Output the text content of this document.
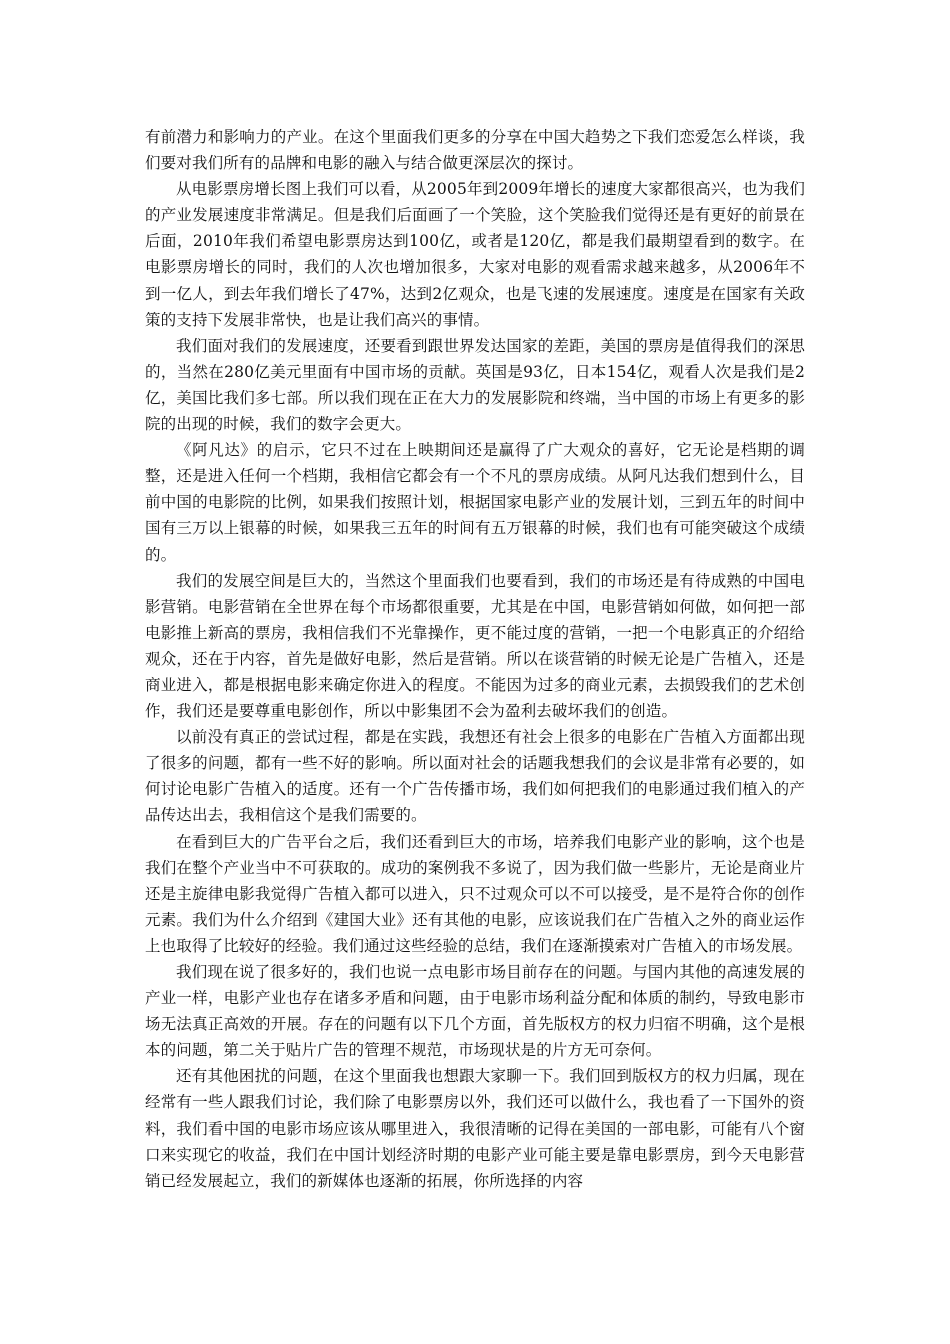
有前潜力和影响力的产业。在这个里面我们更多的分享在中国大趋势之下我们恋爱怎么样谈，我们要对我们所有的品牌和电影的融入与结合做更深层次的探讨。

从电影票房增长图上我们可以看，从2005年到2009年增长的速度大家都很高兴，也为我们的产业发展速度非常满足。但是我们后面画了一个笑脸，这个笑脸我们觉得还是有更好的前景在后面，2010年我们希望电影票房达到100亿，或者是120亿，都是我们最期望看到的数字。在电影票房增长的同时，我们的人次也增加很多，大家对电影的观看需求越来越多，从2006年不到一亿人，到去年我们增长了47%，达到2亿观众，也是飞速的发展速度。速度是在国家有关政策的支持下发展非常快，也是让我们高兴的事情。

我们面对我们的发展速度，还要看到跟世界发达国家的差距，美国的票房是值得我们的深思的，当然在280亿美元里面有中国市场的贡献。英国是93亿，日本154亿，观看人次是我们是2亿，美国比我们多七部。所以我们现在正在大力的发展影院和终端，当中国的市场上有更多的影院的出现的时候，我们的数字会更大。

《阿凡达》的启示，它只不过在上映期间还是赢得了广大观众的喜好，它无论是档期的调整，还是进入任何一个档期，我相信它都会有一个不凡的票房成绩。从阿凡达我们想到什么，目前中国的电影院的比例，如果我们按照计划，根据国家电影产业的发展计划，三到五年的时间中国有三万以上银幕的时候，如果我三五年的时间有五万银幕的时候，我们也有可能突破这个成绩的。

我们的发展空间是巨大的，当然这个里面我们也要看到，我们的市场还是有待成熟的中国电影营销。电影营销在全世界在每个市场都很重要，尤其是在中国，电影营销如何做，如何把一部电影推上新高的票房，我相信我们不光靠操作，更不能过度的营销，一把一个电影真正的介绍给观众，还在于内容，首先是做好电影，然后是营销。所以在谈营销的时候无论是广告植入，还是商业进入，都是根据电影来确定你进入的程度。不能因为过多的商业元素，去损毁我们的艺术创作，我们还是要尊重电影创作，所以中影集团不会为盈利去破坏我们的创造。

以前没有真正的尝试过程，都是在实践，我想还有社会上很多的电影在广告植入方面都出现了很多的问题，都有一些不好的影响。所以面对社会的话题我想我们的会议是非常有必要的，如何讨论电影广告植入的适度。还有一个广告传播市场，我们如何把我们的电影通过我们植入的产品传达出去，我相信这个是我们需要的。

在看到巨大的广告平台之后，我们还看到巨大的市场，培养我们电影产业的影响，这个也是我们在整个产业当中不可获取的。成功的案例我不多说了，因为我们做一些影片，无论是商业片还是主旋律电影我觉得广告植入都可以进入，只不过观众可以不可以接受，是不是符合你的创作元素。我们为什么介绍到《建国大业》还有其他的电影，应该说我们在广告植入之外的商业运作上也取得了比较好的经验。我们通过这些经验的总结，我们在逐渐摸索对广告植入的市场发展。

我们现在说了很多好的，我们也说一点电影市场目前存在的问题。与国内其他的高速发展的产业一样，电影产业也存在诸多矛盾和问题，由于电影市场利益分配和体质的制约，导致电影市场无法真正高效的开展。存在的问题有以下几个方面，首先版权方的权力归宿不明确，这个是根本的问题，第二关于贴片广告的管理不规范，市场现状是的片方无可奈何。

还有其他困扰的问题，在这个里面我也想跟大家聊一下。我们回到版权方的权力归属，现在经常有一些人跟我们讨论，我们除了电影票房以外，我们还可以做什么，我也看了一下国外的资料，我们看中国的电影市场应该从哪里进入，我很清晰的记得在美国的一部电影，可能有八个窗口来实现它的收益，我们在中国计划经济时期的电影产业可能主要是靠电影票房，到今天电影营销已经发展起立，我们的新媒体也逐渐的拓展，你所选择的内容
